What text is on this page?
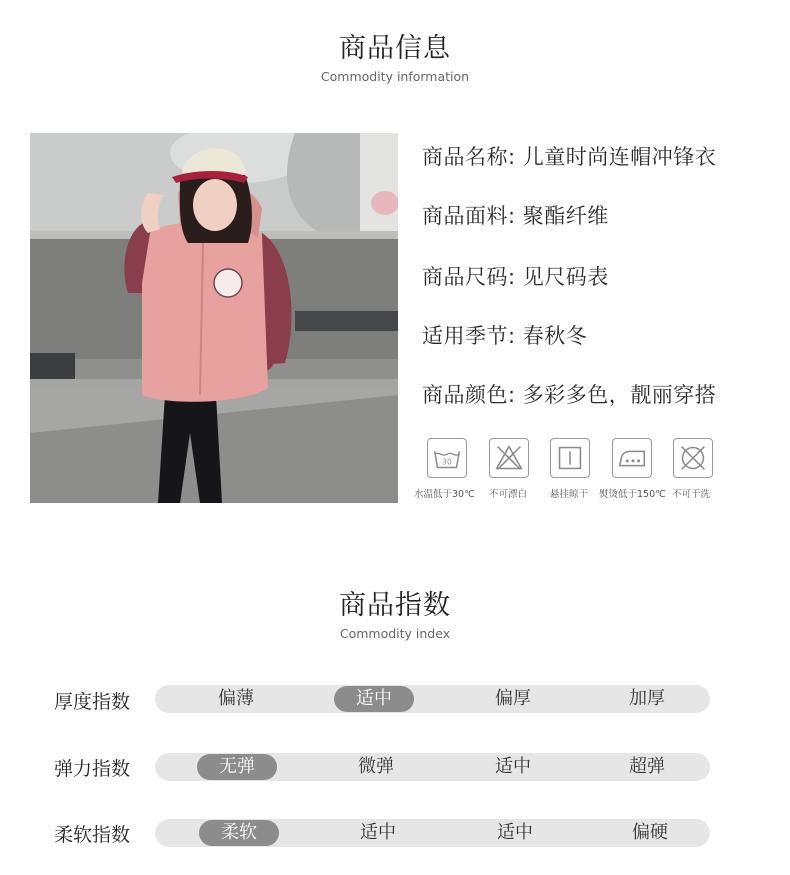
商品信息
Commodity information
商品名称: 儿童时尚连帽冲锋衣
商品面料: 聚酯纤维
商品尺码: 见尺码表
适用季节: 春秋冬
商品颜色: 多彩多色，靓丽穿搭
30
水温低于30℃ 不可漂白 悬挂晾干 熨烫低于150℃ 不可干洗
商品指数
Commodity index
厚度指数	偏薄	适中	偏厚	加厚
弹力指数	无弹	微弹	适中	超弹
柔软指数	柔软	适中	适中	偏硬
